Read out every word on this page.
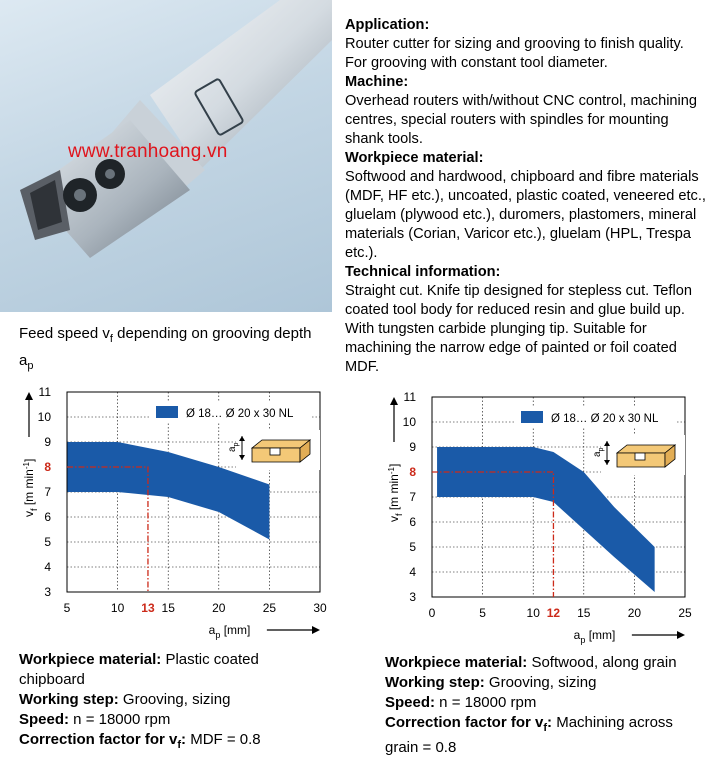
www.tranhoang.vn
Application:
Router cutter for sizing and grooving to finish quality. For grooving with constant tool diameter.
Machine:
Overhead routers with/without CNC control, machining centres, special routers with spindles for mounting shank tools.
Workpiece material:
Softwood and hardwood, chipboard and fibre materials (MDF, HF etc.), uncoated, plastic coated, veneered etc., gluelam (plywood etc.), duromers, plastomers, mineral materials (Corian, Varicor etc.), gluelam (HPL, Trespa etc.).
Technical information:
Straight cut. Knife tip designed for stepless cut. Teflon coated tool body for reduced resin and glue build up. With tungsten carbide plunging tip. Suitable for machining the narrow edge of painted or foil coated MDF.
Feed speed $v_f$ depending on grooving depth $a_p$
3
4
5
6
7
8
9
10
11
5	10	15	20	25	30
13
$a_p$ [mm]
$v_f$ [m $\min^{-1}$]
Ø 18… Ø 20 x 30 NL
$a_p$
3
4
5
6
7
8
9
10
11
0	5	10	15	20	25
12
$a_p$ [mm]
$v_f$ [m $\min^{-1}$]
Ø 18… Ø 20 x 30 NL
$a_p$
Workpiece material: Plastic coated chipboard
Working step: Grooving, sizing
Speed: n = 18000 rpm
Correction factor for $v_f$: MDF = 0.8
Workpiece material: Softwood, along grain
Working step: Grooving, sizing
Speed: n = 18000 rpm
Correction factor for $v_f$: Machining across grain = 0.8
